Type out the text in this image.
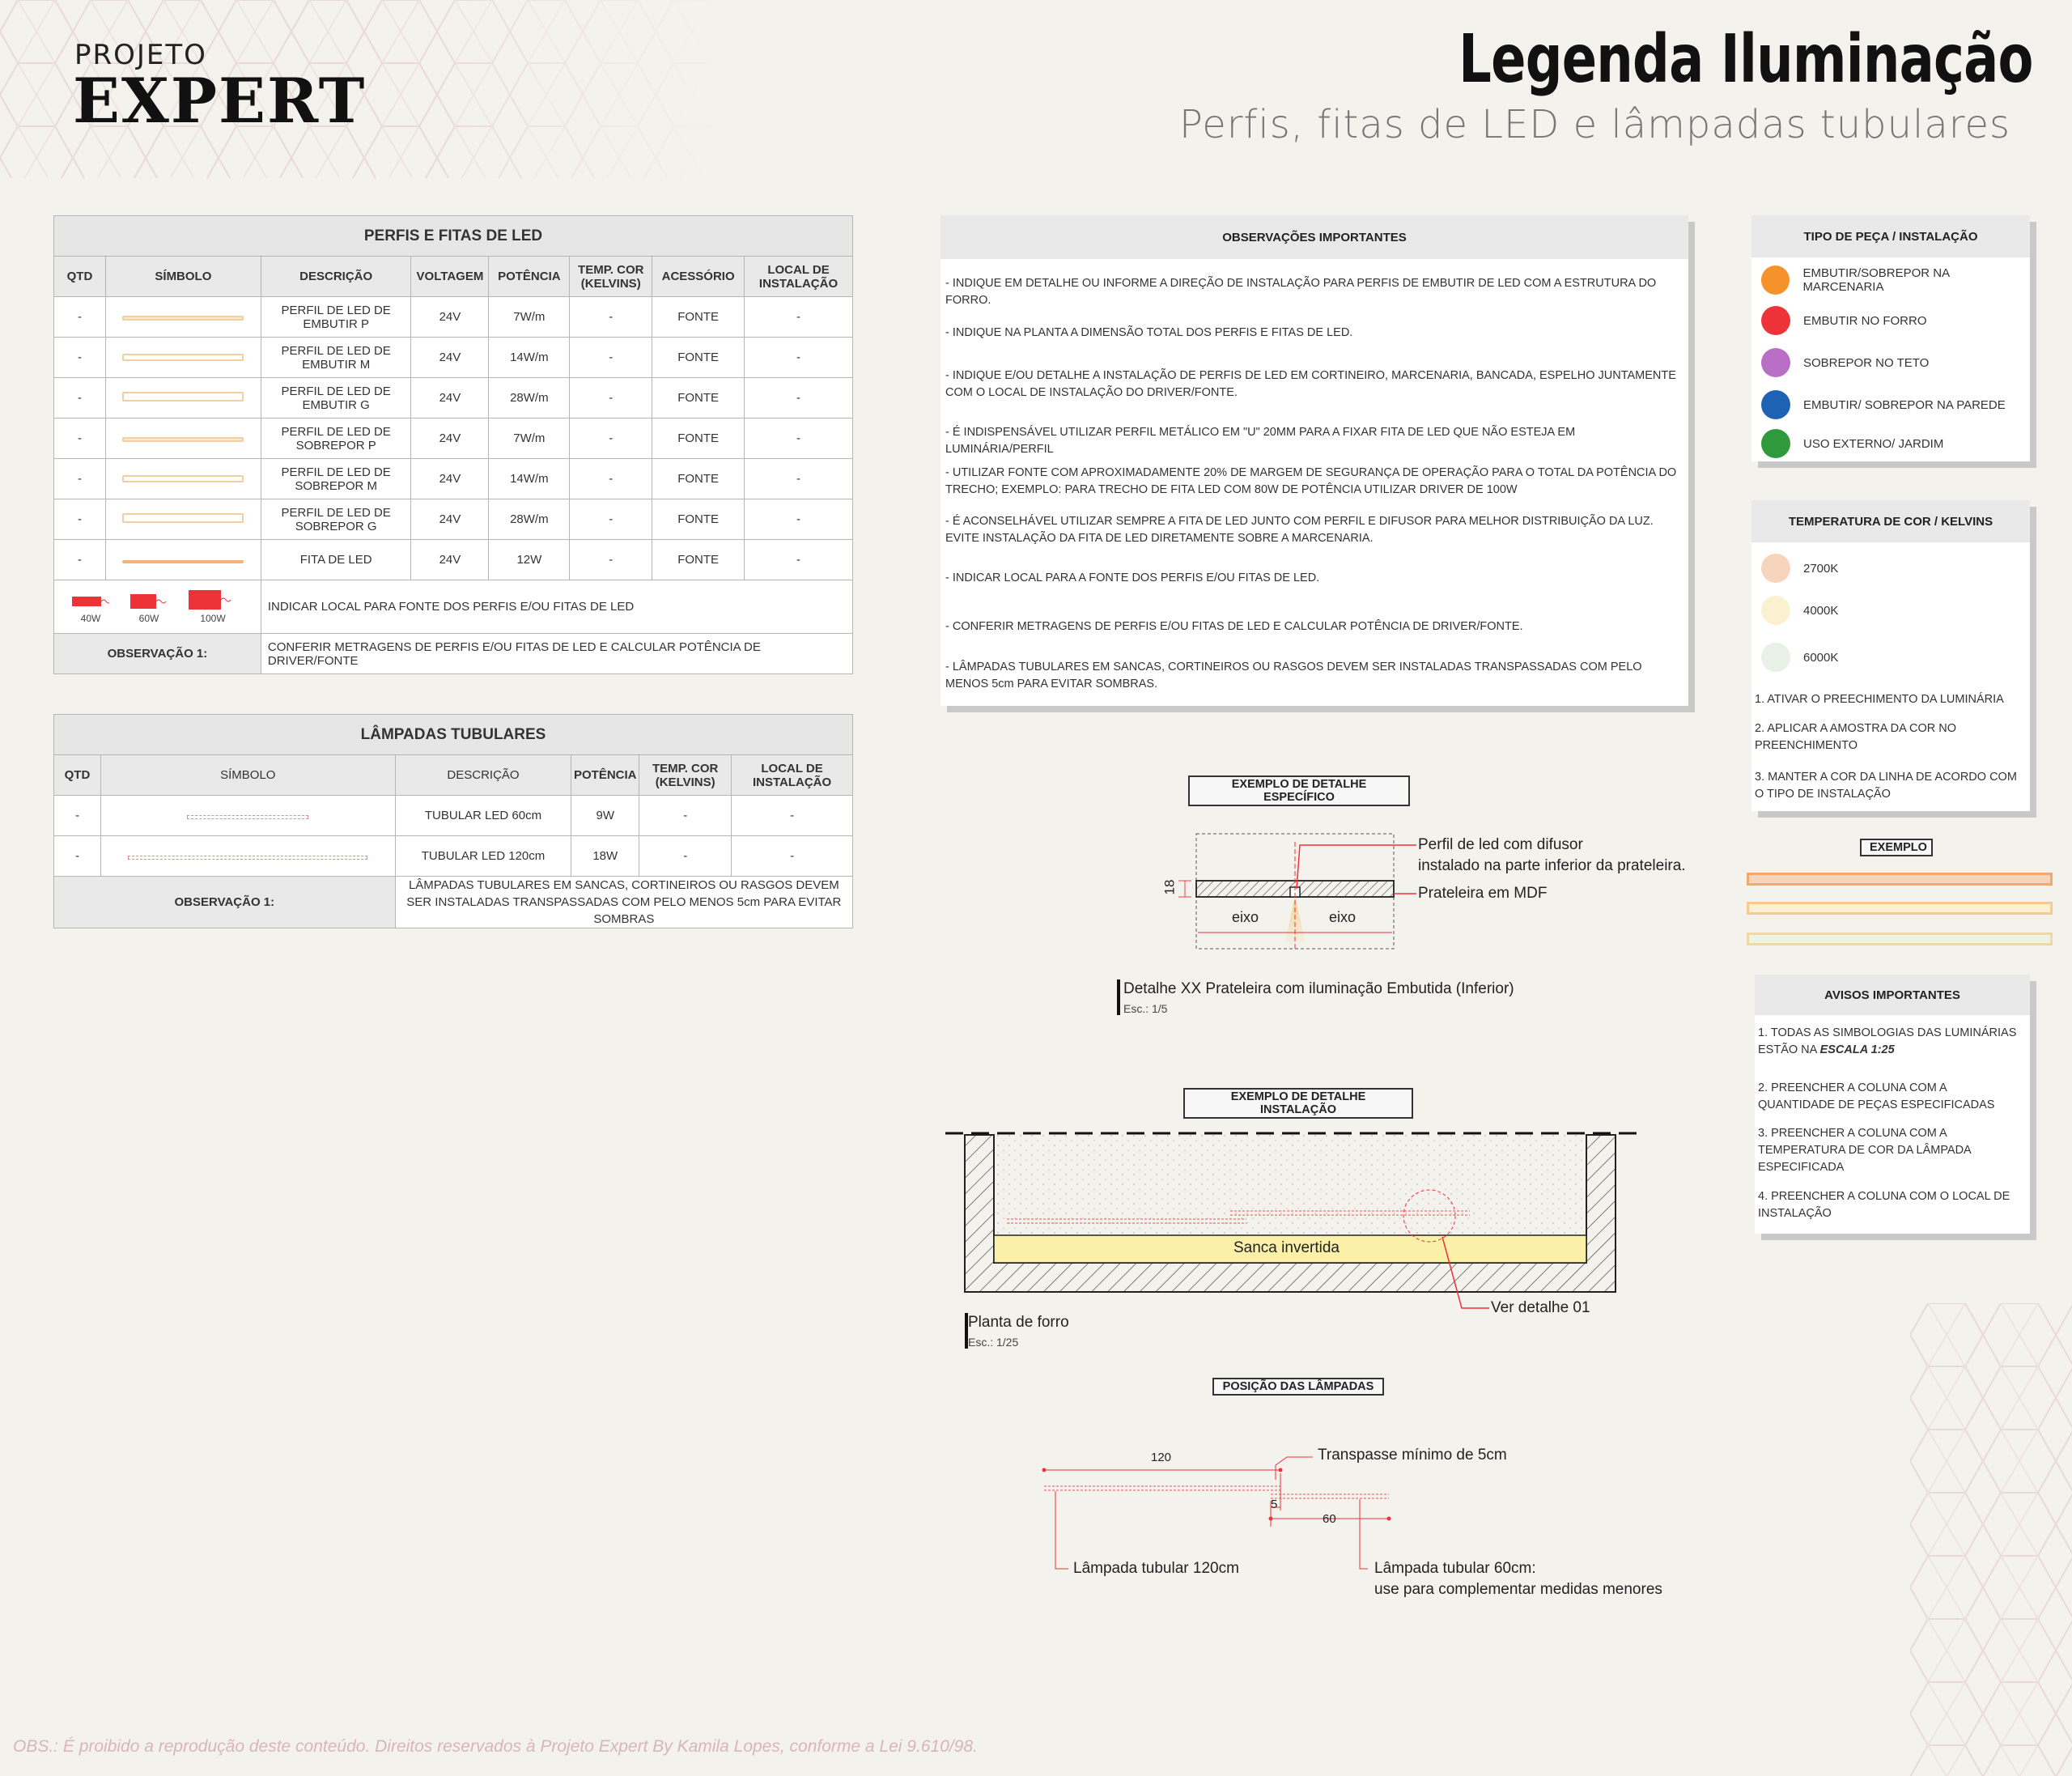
PROJETO
EXPERT
Legenda Iluminação
Perfis, fitas de LED e lâmpadas tubulares
PERFIS E FITAS DE LED							
QTD	SÍMBOLO	DESCRIÇÃO	VOLTAGEM	POTÊNCIA	TEMP. COR (KELVINS)	ACESSÓRIO	LOCAL DE INSTALAÇÃO
-		PERFIL DE LED DE EMBUTIR P	24V	7W/m	-	FONTE	-
-		PERFIL DE LED DE EMBUTIR M	24V	14W/m	-	FONTE	-
-		PERFIL DE LED DE EMBUTIR G	24V	28W/m	-	FONTE	-
-		PERFIL DE LED DE SOBREPOR P	24V	7W/m	-	FONTE	-
-		PERFIL DE LED DE SOBREPOR M	24V	14W/m	-	FONTE	-
-		PERFIL DE LED DE SOBREPOR G	24V	28W/m	-	FONTE	-
-		FITA DE LED	24V	12W	-	FONTE	-

40W 60W 100W		INDICAR LOCAL PARA FONTE DOS PERFIS E/OU FITAS DE LED					
OBSERVAÇÃO 1:		CONFERIR METRAGENS DE PERFIS E/OU FITAS DE LED E CALCULAR POTÊNCIA DE DRIVER/FONTE					
LÂMPADAS TUBULARES					
QTD	SÍMBOLO	DESCRIÇÃO	POTÊNCIA	TEMP. COR (KELVINS)	LOCAL DE INSTALAÇÃO
-		TUBULAR LED 60cm	9W	-	-
-		TUBULAR LED 120cm	18W	-	-
OBSERVAÇÃO 1:		LÂMPADAS TUBULARES EM SANCAS, CORTINEIROS OU RASGOS DEVEM SER INSTALADAS TRANSPASSADAS COM PELO MENOS 5cm PARA EVITAR SOMBRAS			
OBSERVAÇÕES IMPORTANTES
- INDIQUE EM DETALHE OU INFORME A DIREÇÃO DE INSTALAÇÃO PARA PERFIS DE EMBUTIR DE LED COM A ESTRUTURA DO FORRO.
- INDIQUE NA PLANTA A DIMENSÃO TOTAL DOS PERFIS E FITAS DE LED.
- INDIQUE E/OU DETALHE A INSTALAÇÃO DE PERFIS DE LED EM CORTINEIRO, MARCENARIA, BANCADA, ESPELHO JUNTAMENTE COM O LOCAL DE INSTALAÇÃO DO DRIVER/FONTE.
- É INDISPENSÁVEL UTILIZAR PERFIL METÁLICO EM "U" 20MM PARA A FIXAR FITA DE LED QUE NÃO ESTEJA EM LUMINÁRIA/PERFIL
- UTILIZAR FONTE COM APROXIMADAMENTE 20% DE MARGEM DE SEGURANÇA DE OPERAÇÃO PARA O TOTAL DA POTÊNCIA DO TRECHO; EXEMPLO: PARA TRECHO DE FITA LED COM 80W DE POTÊNCIA UTILIZAR DRIVER DE 100W
- É ACONSELHÁVEL UTILIZAR SEMPRE A FITA DE LED JUNTO COM PERFIL E DIFUSOR PARA MELHOR DISTRIBUIÇÃO DA LUZ. EVITE INSTALAÇÃO DA FITA DE LED DIRETAMENTE SOBRE A MARCENARIA.
- INDICAR LOCAL PARA A FONTE DOS PERFIS E/OU FITAS DE LED.
- CONFERIR METRAGENS DE PERFIS E/OU FITAS DE LED E CALCULAR POTÊNCIA DE DRIVER/FONTE.
- LÂMPADAS TUBULARES EM SANCAS, CORTINEIROS OU RASGOS DEVEM SER INSTALADAS TRANSPASSADAS COM PELO MENOS 5cm PARA EVITAR SOMBRAS.
TIPO DE PEÇA / INSTALAÇÃO
EMBUTIR/SOBREPOR NA MARCENARIA
EMBUTIR NO FORRO
SOBREPOR NO TETO
EMBUTIR/ SOBREPOR NA PAREDE
USO EXTERNO/ JARDIM
TEMPERATURA DE COR / KELVINS
2700K
4000K
6000K
1. ATIVAR O PREECHIMENTO DA LUMINÁRIA
2. APLICAR A AMOSTRA DA COR NO PREENCHIMENTO
3. MANTER A COR DA LINHA DE ACORDO COM O TIPO DE INSTALAÇÃO
EXEMPLO
AVISOS IMPORTANTES
1. TODAS AS SIMBOLOGIAS DAS LUMINÁRIAS ESTÃO NA ESCALA 1:25
2. PREENCHER A COLUNA COM A QUANTIDADE DE PEÇAS ESPECIFICADAS
3. PREENCHER A COLUNA COM A TEMPERATURA DE COR DA LÂMPADA ESPECIFICADA
4. PREENCHER A COLUNA COM O LOCAL DE INSTALAÇÃO
EXEMPLO DE DETALHE ESPECÍFICO
18
eixo	eixo
Perfil de led com difusor
instalado na parte inferior da prateleira.
Prateleira em MDF
Detalhe XX Prateleira com iluminação Embutida (Inferior)
Esc.: 1/5
EXEMPLO DE DETALHE INSTALAÇÃO
Sanca invertida
Ver detalhe 01
Planta de forro
Esc.: 1/25
POSIÇÃO DAS LÂMPADAS
120
5
60
Transpasse mínimo de 5cm
Lâmpada tubular 120cm	Lâmpada tubular 60cm:
use para complementar medidas menores
OBS.: É proibido a reprodução deste conteúdo. Direitos reservados à Projeto Expert By Kamila Lopes, conforme a Lei 9.610/98.
